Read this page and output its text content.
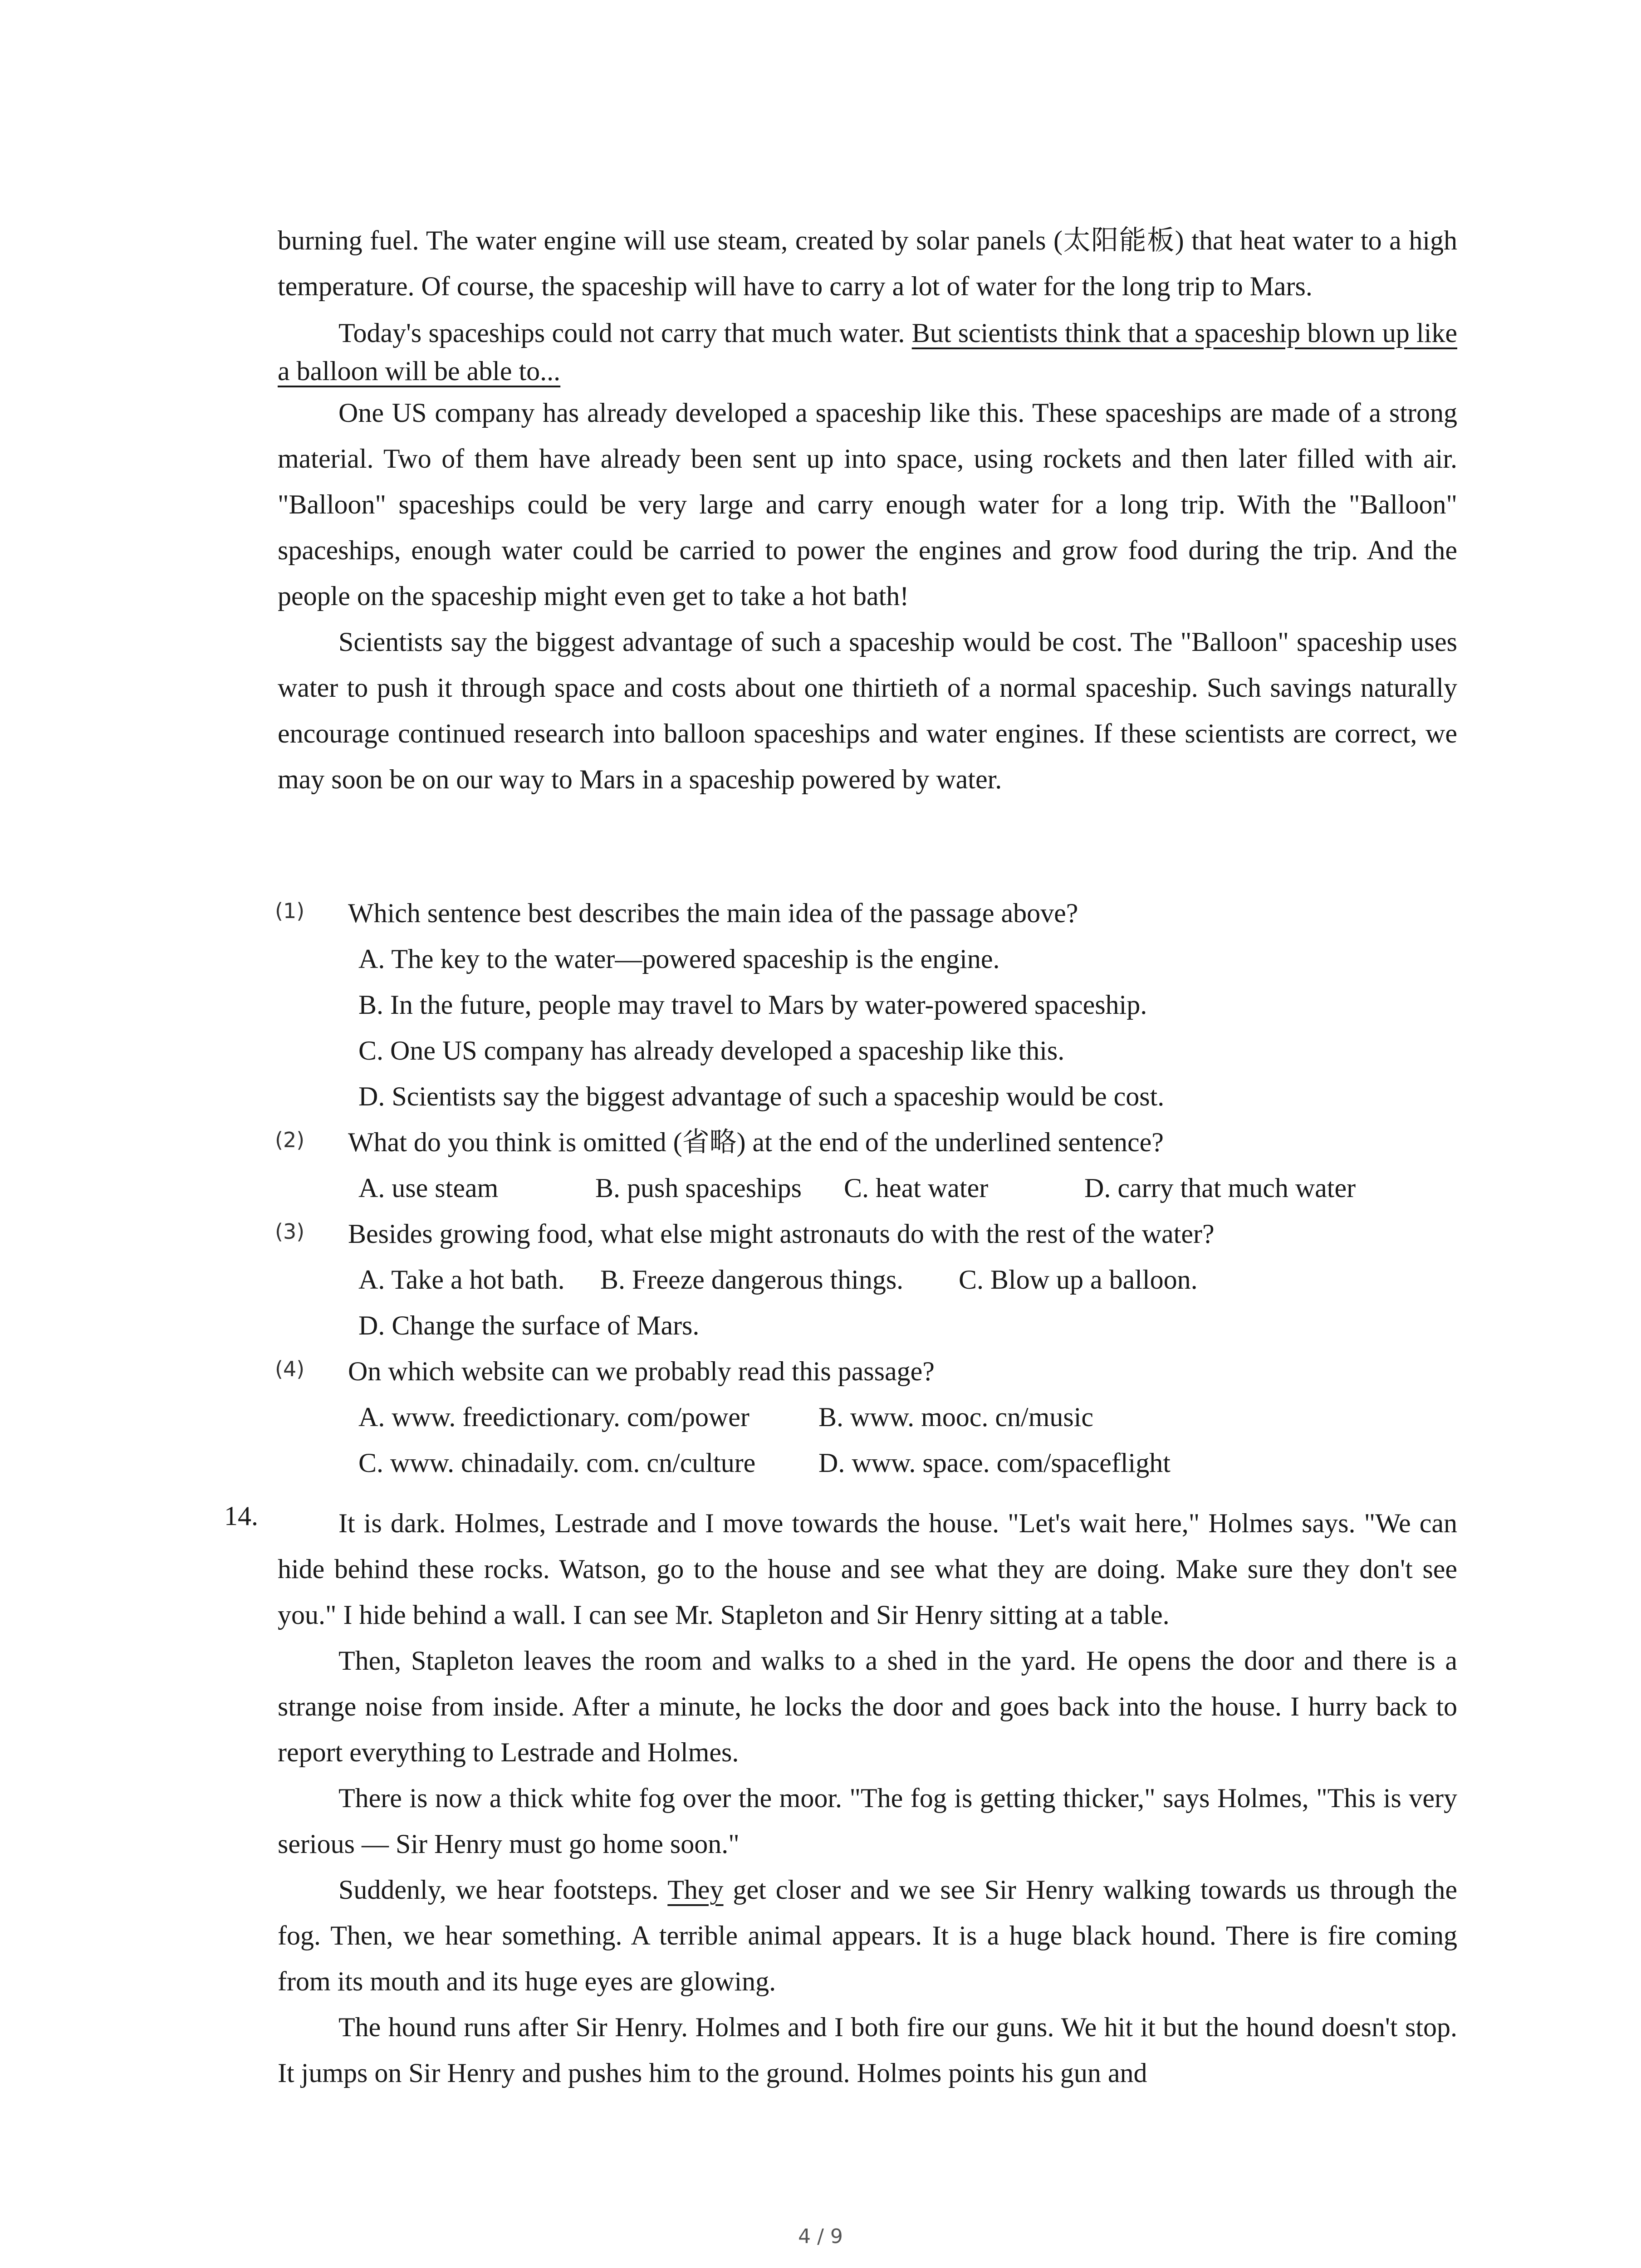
burning fuel. The water engine will use steam, created by solar panels (太阳能板) that heat water to a high temperature. Of course, the spaceship will have to carry a lot of water for the long trip to Mars.

Today's spaceships could not carry that much water. But scientists think that a spaceship blown up like a balloon will be able to...

One US company has already developed a spaceship like this. These spaceships are made of a strong material. Two of them have already been sent up into space, using rockets and then later filled with air. "Balloon" spaceships could be very large and carry enough water for a long trip. With the "Balloon" spaceships, enough water could be carried to power the engines and grow food during the trip. And the people on the spaceship might even get to take a hot bath!

Scientists say the biggest advantage of such a spaceship would be cost. The "Balloon" spaceship uses water to push it through space and costs about one thirtieth of a normal spaceship. Such savings naturally encourage continued research into balloon spaceships and water engines. If these scientists are correct, we may soon be on our way to Mars in a spaceship powered by water.

(1) Which sentence best describes the main idea of the passage above?

A. The key to the water—powered spaceship is the engine.

B. In the future, people may travel to Mars by water-powered spaceship.

C. One US company has already developed a spaceship like this.

D. Scientists say the biggest advantage of such a spaceship would be cost.

(2) What do you think is omitted (省略) at the end of the underlined sentence?

A. use steam	B. push spaceships	C. heat water	D. carry that much water
(3) Besides growing food, what else might astronauts do with the rest of the water?

A. Take a hot bath.	B. Freeze dangerous things.	C. Blow up a balloon.

D. Change the surface of Mars.

(4) On which website can we probably read this passage?

A. www. freedictionary. com/power	B. www. mooc. cn/music
C. www. chinadaily. com. cn/culture	D. www. space. com/spaceflight
14.	It is dark. Holmes, Lestrade and I move towards the house. "Let's wait here," Holmes says. "We can hide behind these rocks. Watson, go to the house and see what they are doing. Make sure they don't see you." I hide behind a wall. I can see Mr. Stapleton and Sir Henry sitting at a table.

Then, Stapleton leaves the room and walks to a shed in the yard. He opens the door and there is a strange noise from inside. After a minute, he locks the door and goes back into the house. I hurry back to report everything to Lestrade and Holmes.

There is now a thick white fog over the moor. "The fog is getting thicker," says Holmes, "This is very serious — Sir Henry must go home soon."

Suddenly, we hear footsteps. They get closer and we see Sir Henry walking towards us through the fog. Then, we hear something. A terrible animal appears. It is a huge black hound. There is fire coming from its mouth and its huge eyes are glowing.

The hound runs after Sir Henry. Holmes and I both fire our guns. We hit it but the hound doesn't stop. It jumps on Sir Henry and pushes him to the ground. Holmes points his gun and

4 / 9
